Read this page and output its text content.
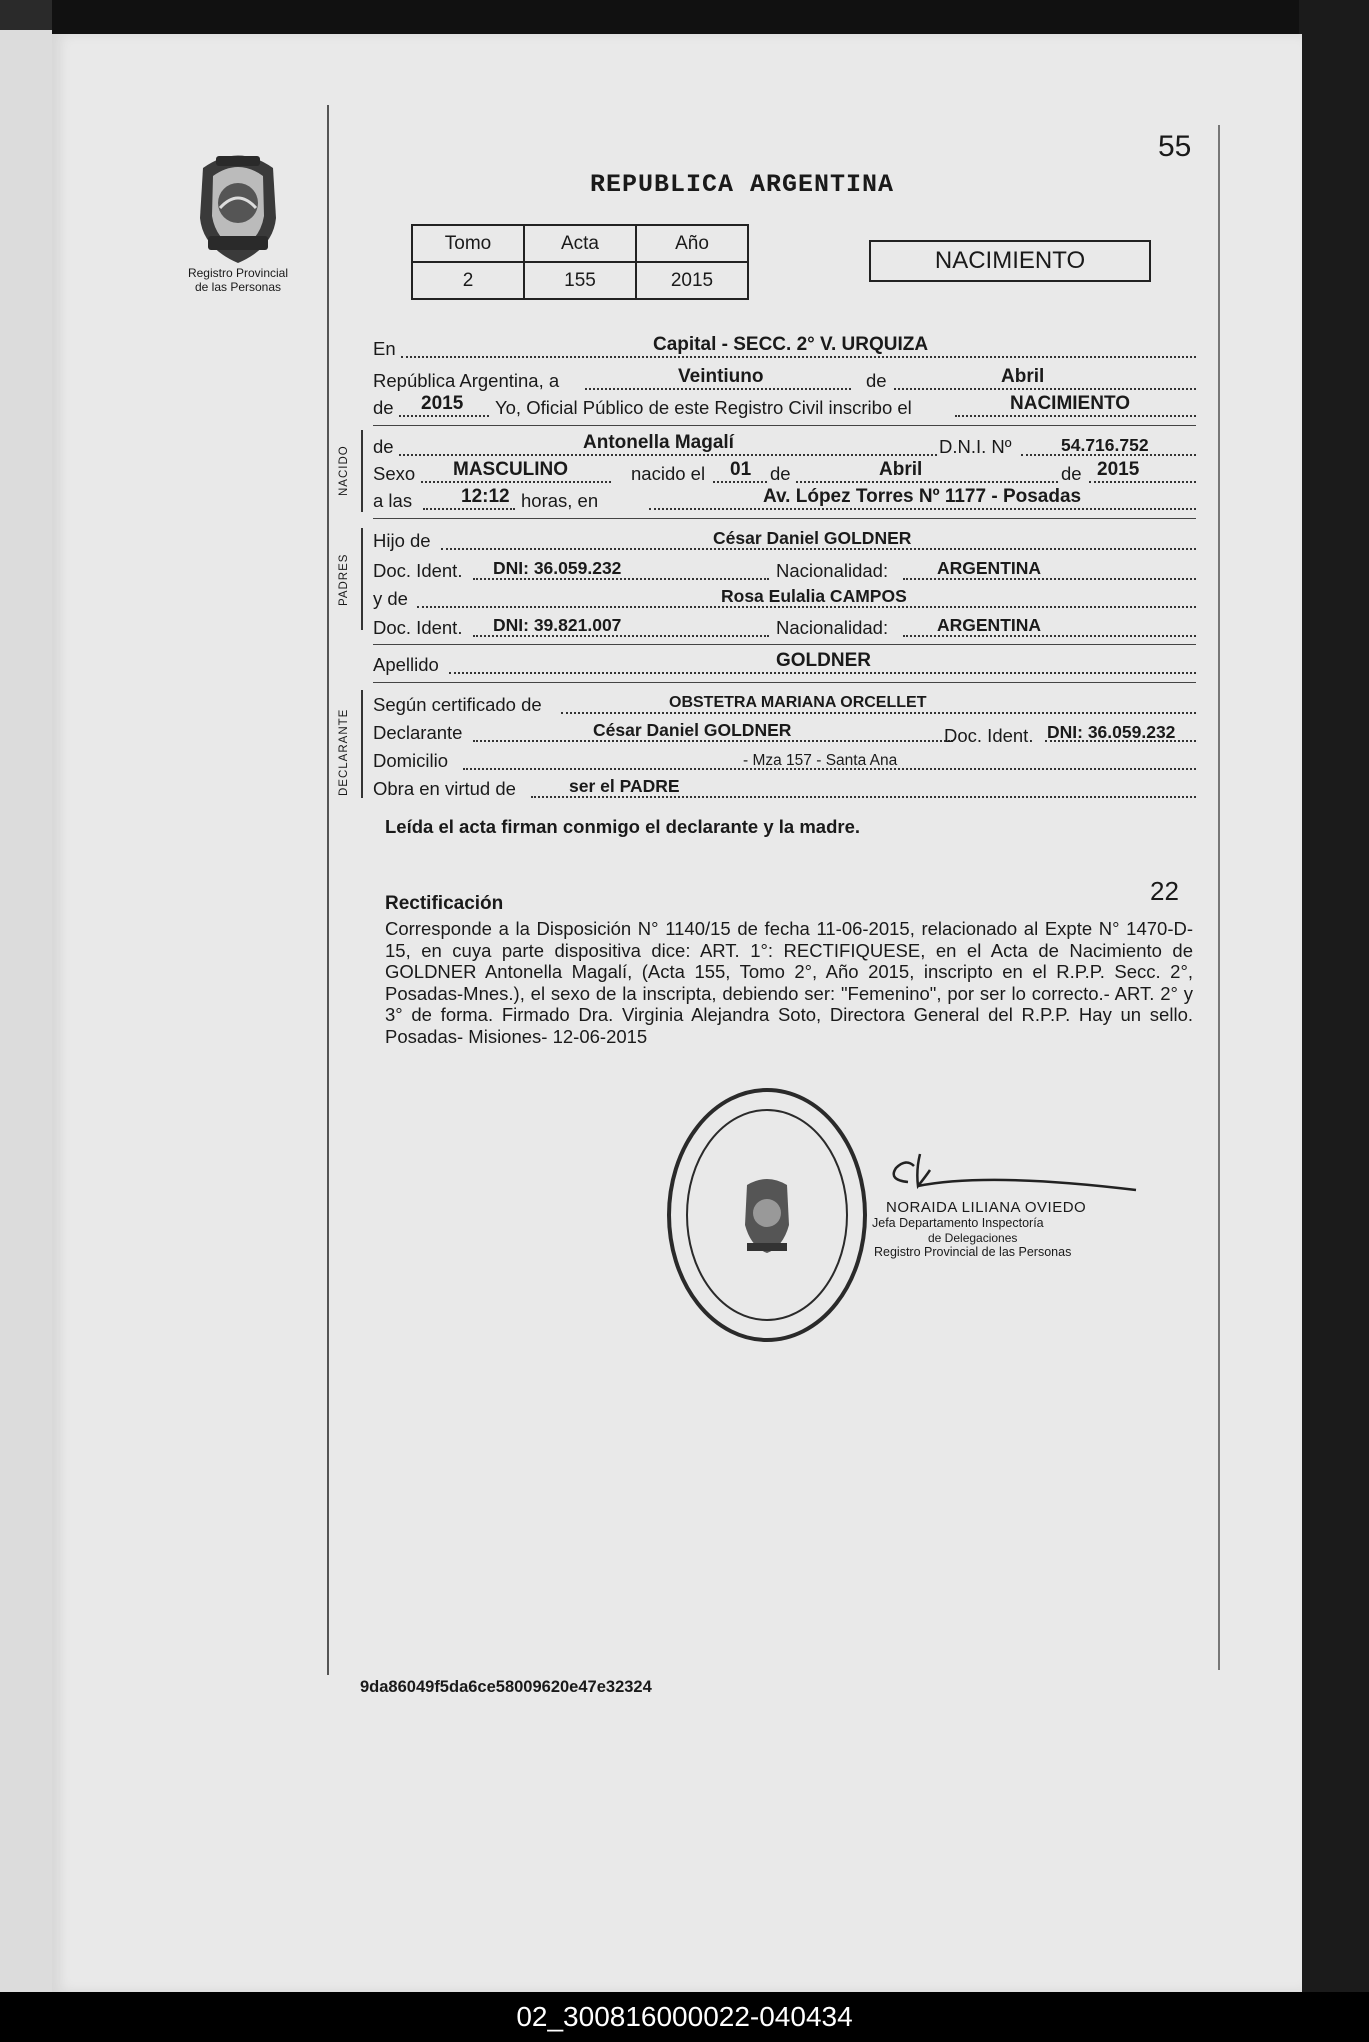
Registro Provincial
de las Personas
55
REPUBLICA ARGENTINA
Tomo	Acta	Año
2	155	2015
NACIMIENTO
En	Capital - SECC. 2° V. URQUIZA
República Argentina, a	Veintiuno	de	Abril
de 2015 Yo, Oficial Público de este Registro Civil inscribo el	NACIMIENTO
NACIDO de	Antonella Magalí	D.N.I. Nº	54.716.752
Sexo MASCULINO	nacido el 01 de	Abril	de 2015
a las	12:12 horas, en	Av. López Torres Nº 1177 - Posadas
PADRES
Hijo de	César Daniel GOLDNER
Doc. Ident. DNI: 36.059.232	Nacionalidad:	ARGENTINA
y de	Rosa Eulalia CAMPOS
Doc. Ident. DNI: 39.821.007	Nacionalidad:	ARGENTINA
Apellido	GOLDNER
DECLARANTE
Según certificado de	OBSTETRA MARIANA ORCELLET
Declarante	César Daniel GOLDNER	Doc. Ident. DNI: 36.059.232
Domicilio	- Mza 157 - Santa Ana
Obra en virtud de	ser el PADRE
Leída el acta firman conmigo el declarante y la madre.
22
Rectificación
Corresponde a la Disposición N° 1140/15 de fecha 11-06-2015, relacionado al Expte N° 1470-D-15, en cuya parte dispositiva dice: ART. 1°: RECTIFIQUESE, en el Acta de Nacimiento de GOLDNER Antonella Magalí, (Acta 155, Tomo 2°, Año 2015, inscripto en el R.P.P. Secc. 2°, Posadas-Mnes.), el sexo de la inscripta, debiendo ser: "Femenino", por ser lo correcto.- ART. 2° y 3° de forma. Firmado Dra. Virginia Alejandra Soto, Directora General del R.P.P. Hay un sello. Posadas- Misiones- 12-06-2015
NORAIDA LILIANA OVIEDO
Jefa Departamento Inspectoría
de Delegaciones
Registro Provincial de las Personas
9da86049f5da6ce58009620e47e32324
02_300816000022-040434
